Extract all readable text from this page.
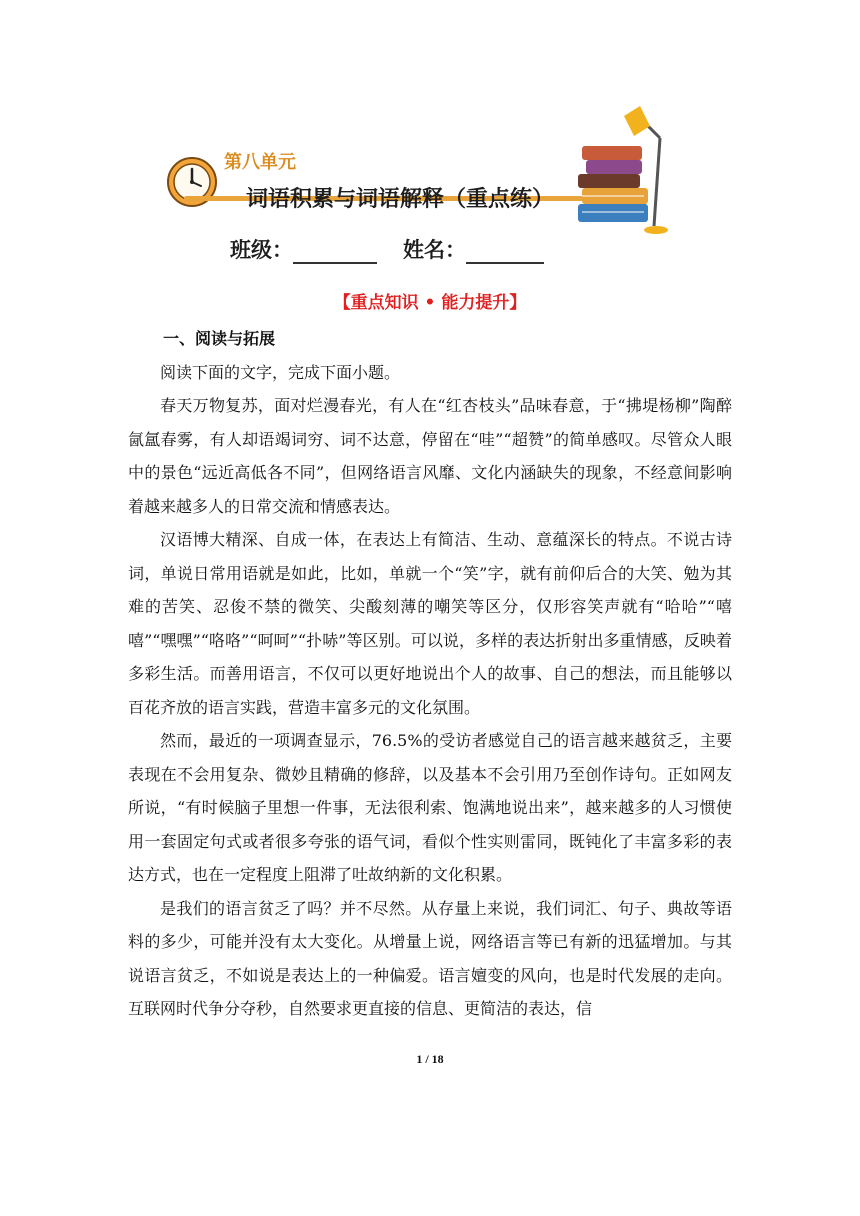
第八单元
词语积累与词语解释（重点练）
班级：	姓名：
【重点知识 • 能力提升】

一、阅读与拓展

阅读下面的文字，完成下面小题。

春天万物复苏，面对烂漫春光，有人在“红杏枝头”品味春意，于“拂堤杨柳”陶醉氤氲春雾，有人却语竭词穷、词不达意，停留在“哇”“超赞”的简单感叹。尽管众人眼中的景色“远近高低各不同”，但网络语言风靡、文化内涵缺失的现象，不经意间影响着越来越多人的日常交流和情感表达。

汉语博大精深、自成一体，在表达上有简洁、生动、意蕴深长的特点。不说古诗词，单说日常用语就是如此，比如，单就一个“笑”字，就有前仰后合的大笑、勉为其难的苦笑、忍俊不禁的微笑、尖酸刻薄的嘲笑等区分，仅形容笑声就有“哈哈”“嘻嘻”“嘿嘿”“咯咯”“呵呵”“扑哧”等区别。可以说，多样的表达折射出多重情感，反映着多彩生活。而善用语言，不仅可以更好地说出个人的故事、自己的想法，而且能够以百花齐放的语言实践，营造丰富多元的文化氛围。

然而，最近的一项调查显示，76.5%的受访者感觉自己的语言越来越贫乏，主要表现在不会用复杂、微妙且精确的修辞，以及基本不会引用乃至创作诗句。正如网友所说，“有时候脑子里想一件事，无法很利索、饱满地说出来”，越来越多的人习惯使用一套固定句式或者很多夸张的语气词，看似个性实则雷同，既钝化了丰富多彩的表达方式，也在一定程度上阻滞了吐故纳新的文化积累。

是我们的语言贫乏了吗？并不尽然。从存量上来说，我们词汇、句子、典故等语料的多少，可能并没有太大变化。从增量上说，网络语言等已有新的迅猛增加。与其说语言贫乏，不如说是表达上的一种偏爱。语言嬗变的风向，也是时代发展的走向。互联网时代争分夺秒，自然要求更直接的信息、更简洁的表达，信

1 / 18
